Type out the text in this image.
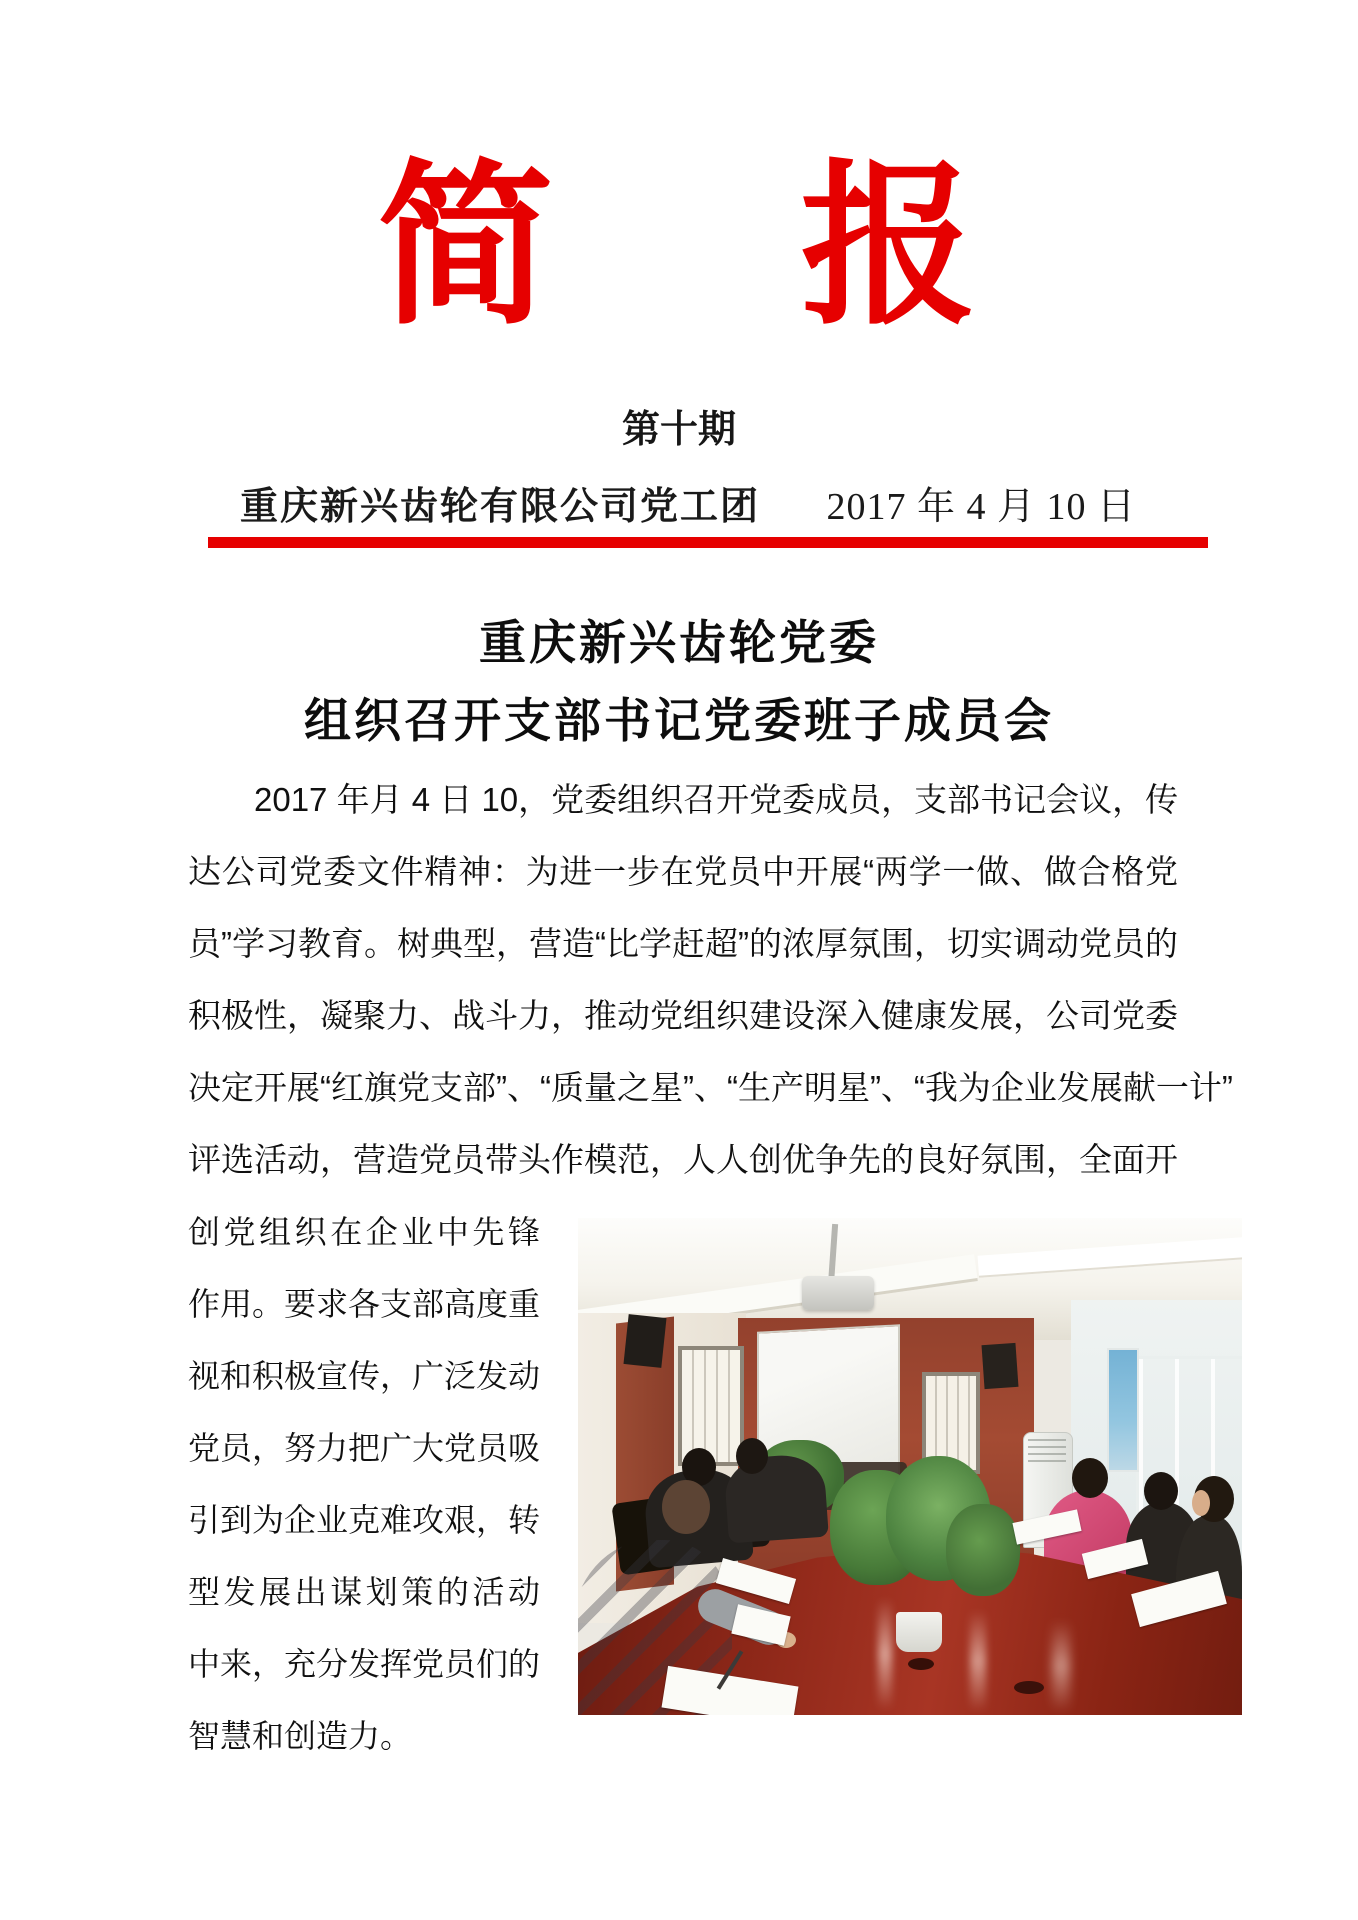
简 报
第十期
重庆新兴齿轮有限公司党工团 2017 年 4 月 10 日
重庆新兴齿轮党委
组织召开支部书记党委班子成员会
2017 年月 4 日 10，党委组织召开党委成员，支部书记会议，传
达公司党委文件精神：为进一步在党员中开展“两学一做、做合格党
员”学习教育。树典型，营造“比学赶超”的浓厚氛围，切实调动党员的
积极性，凝聚力、战斗力，推动党组织建设深入健康发展，公司党委
决定开展“红旗党支部”、“质量之星”、“生产明星”、“我为企业发展献一计”
评选活动，营造党员带头作模范，人人创优争先的良好氛围，全面开
创党组织在企业中先锋
作用。要求各支部高度重
视和积极宣传，广泛发动
党员，努力把广大党员吸
引到为企业克难攻艰，转
型发展出谋划策的活动
中来，充分发挥党员们的
智慧和创造力。
